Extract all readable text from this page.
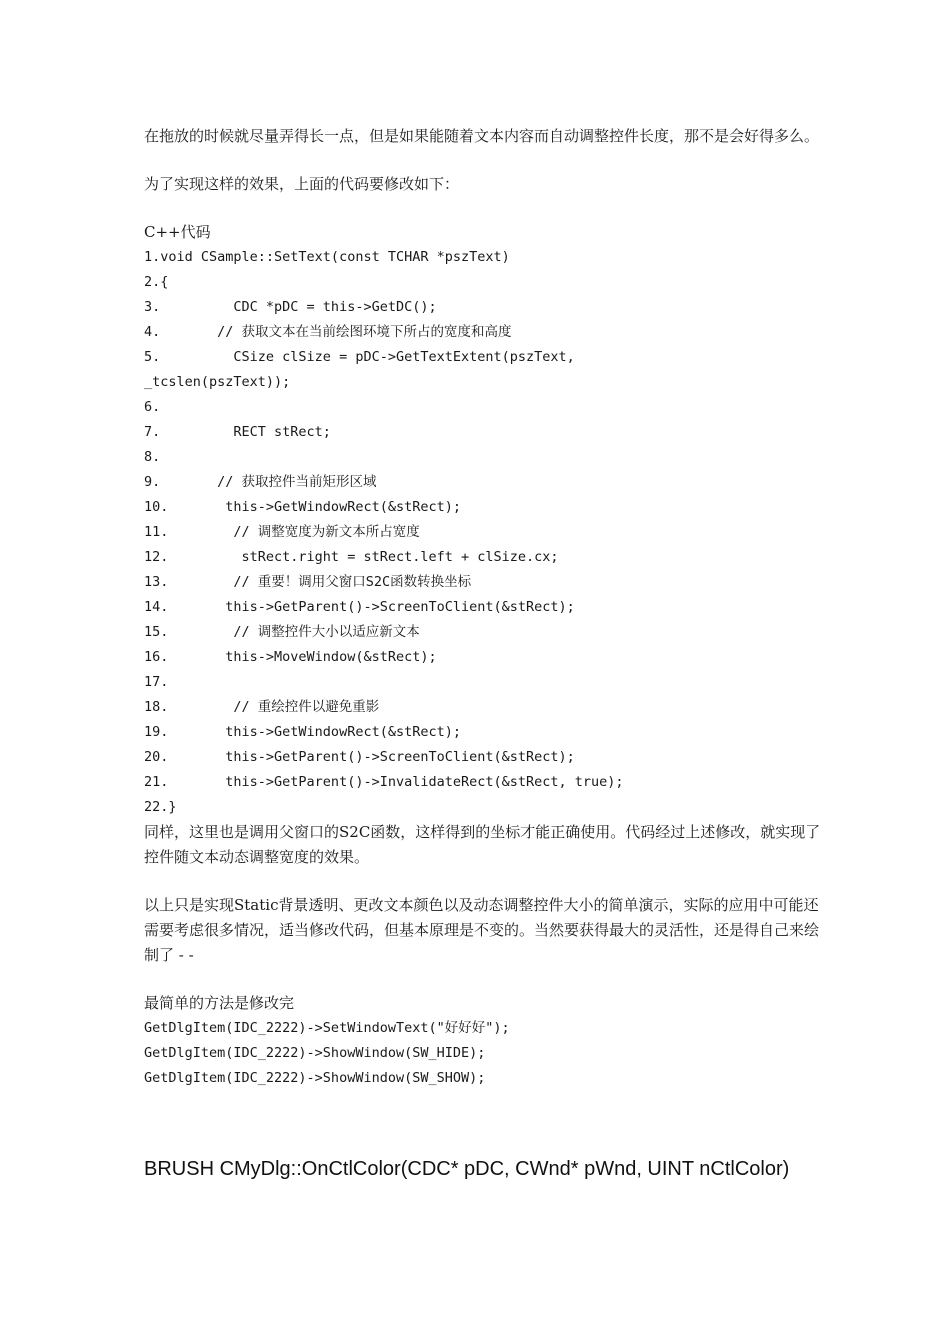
在拖放的时候就尽量弄得长一点，但是如果能随着文本内容而自动调整控件长度，那不是会好得多么。

为了实现这样的效果，上面的代码要修改如下：

C++代码

1.void CSample::SetText(const TCHAR *pszText)
2.{
3.         CDC *pDC = this->GetDC();
4.       // 获取文本在当前绘图环境下所占的宽度和高度
5.         CSize clSize = pDC->GetTextExtent(pszText,
_tcslen(pszText));
6.
7.         RECT stRect;
8.
9.       // 获取控件当前矩形区域
10.       this->GetWindowRect(&stRect);
11.        // 调整宽度为新文本所占宽度
12.         stRect.right = stRect.left + clSize.cx;
13.        // 重要！调用父窗口S2C函数转换坐标
14.       this->GetParent()->ScreenToClient(&stRect);
15.        // 调整控件大小以适应新文本
16.       this->MoveWindow(&stRect);
17.
18.        // 重绘控件以避免重影
19.       this->GetWindowRect(&stRect);
20.       this->GetParent()->ScreenToClient(&stRect);
21.       this->GetParent()->InvalidateRect(&stRect, true);
22.}

同样，这里也是调用父窗口的S2C函数，这样得到的坐标才能正确使用。代码经过上述修改，就实现了控件随文本动态调整宽度的效果。

以上只是实现Static背景透明、更改文本颜色以及动态调整控件大小的简单演示，实际的应用中可能还需要考虑很多情况，适当修改代码，但基本原理是不变的。当然要获得最大的灵活性，还是得自己来绘制了 - -

最简单的方法是修改完

GetDlgItem(IDC_2222)->SetWindowText("好好好");
GetDlgItem(IDC_2222)->ShowWindow(SW_HIDE);
GetDlgItem(IDC_2222)->ShowWindow(SW_SHOW);
BRUSH CMyDlg::OnCtlColor(CDC* pDC, CWnd* pWnd, UINT nCtlColor)
